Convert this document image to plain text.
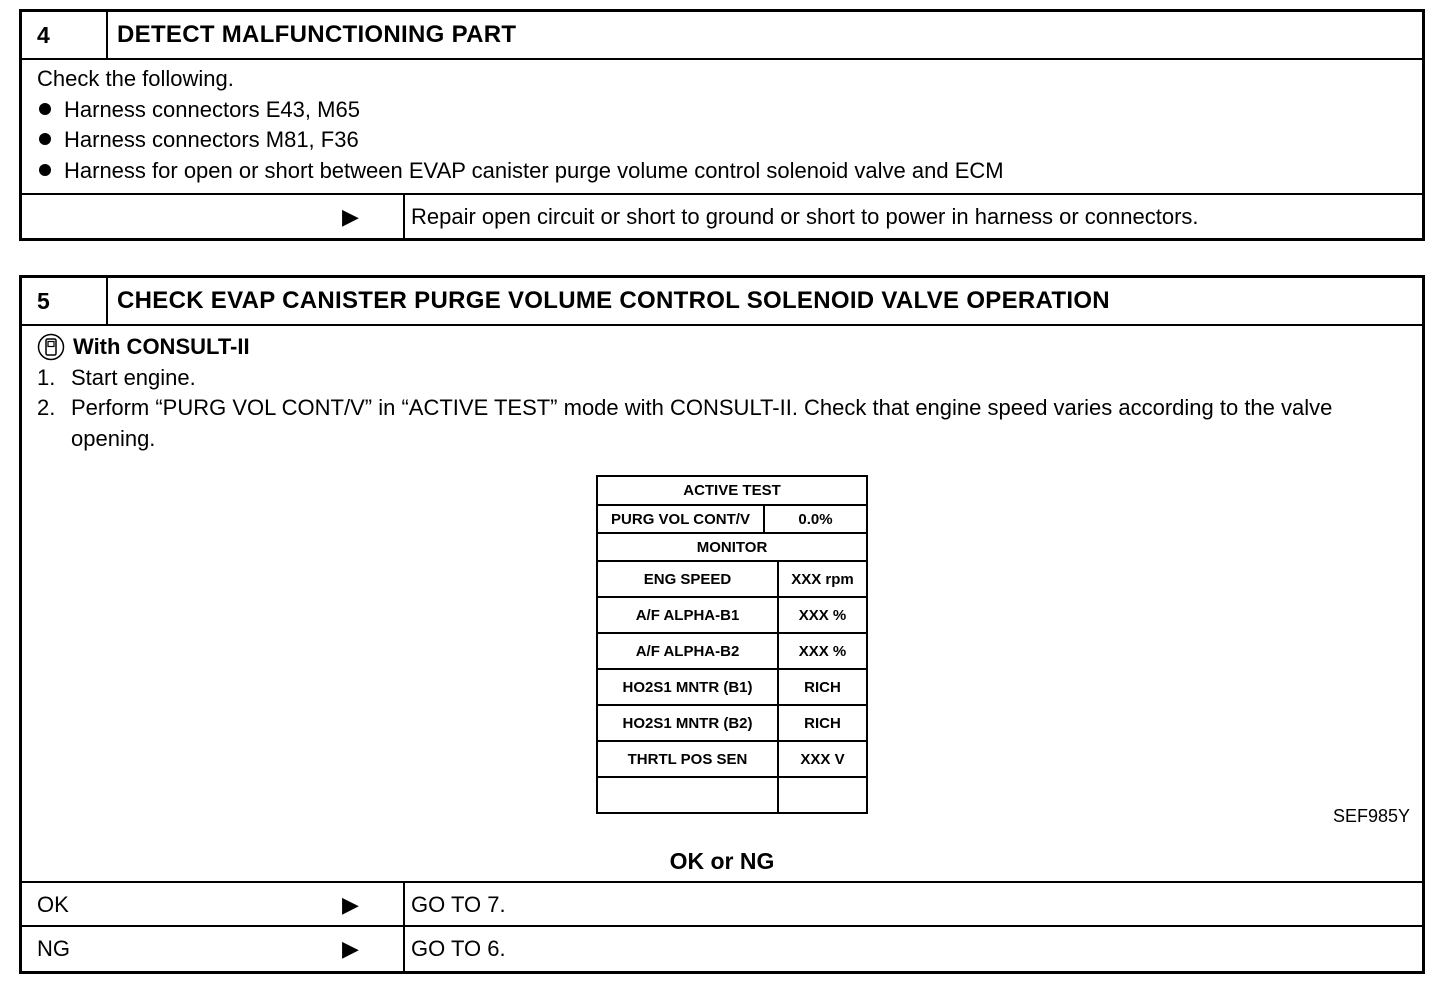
4	DETECT MALFUNCTIONING PART
Check the following.
Harness connectors E43, M65
Harness connectors M81, F36
Harness for open or short between EVAP canister purge volume control solenoid valve and ECM
▶ Repair open circuit or short to ground or short to power in harness or connectors.
5	CHECK EVAP CANISTER PURGE VOLUME CONTROL SOLENOID VALVE OPERATION
With CONSULT-II
1. Start engine.
2. Perform “PURG VOL CONT/V” in “ACTIVE TEST” mode with CONSULT-II. Check that engine speed varies according to the valve opening.
ACTIVE TEST
PURG VOL CONT/V	0.0%
MONITOR
ENG SPEED	XXX rpm
A/F ALPHA-B1	XXX %
A/F ALPHA-B2	XXX %
HO2S1 MNTR (B1)	RICH
HO2S1 MNTR (B2)	RICH
THRTL POS SEN	XXX V
SEF985Y
OK or NG
OK	▶ GO TO 7.
NG	▶ GO TO 6.
